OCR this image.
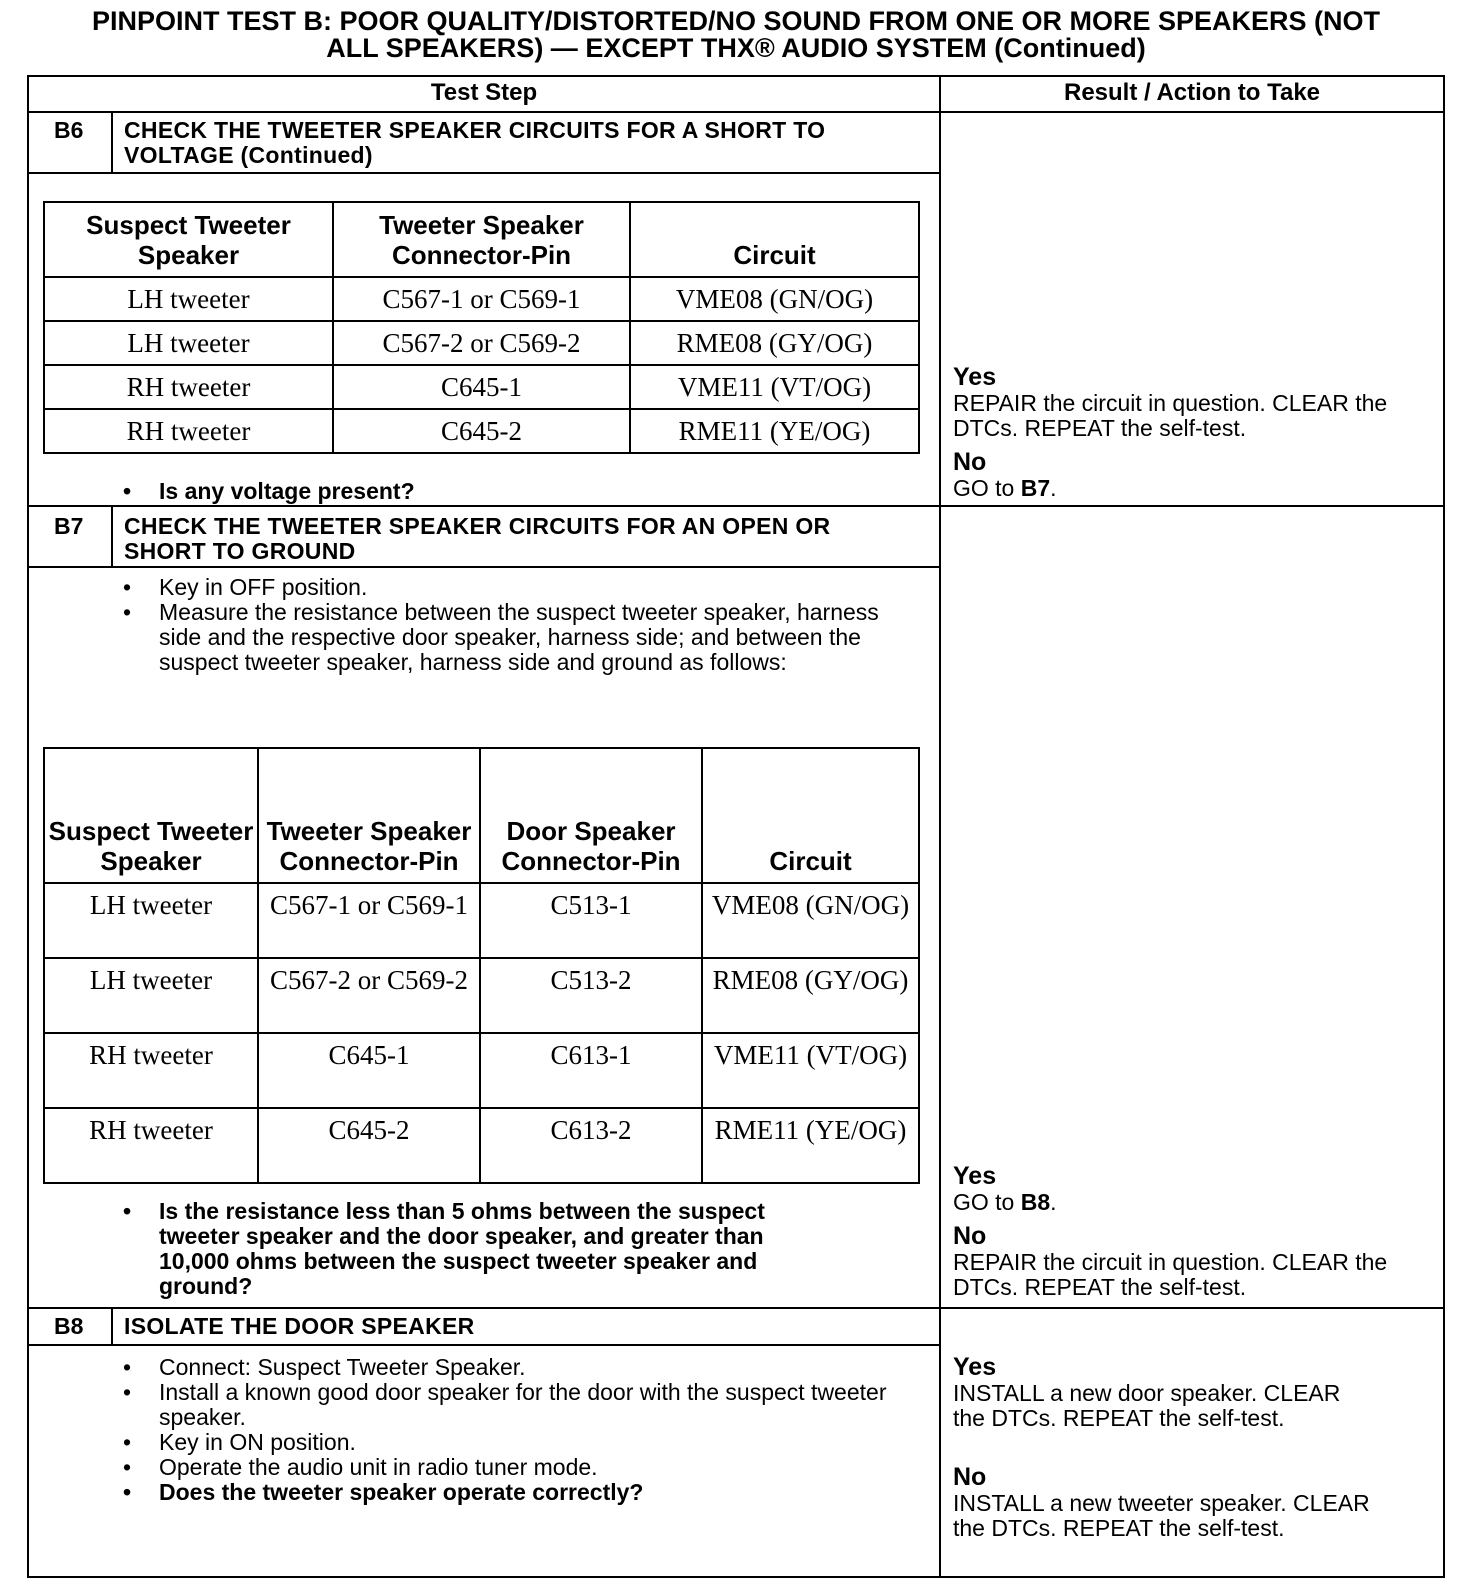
PINPOINT TEST B: POOR QUALITY/DISTORTED/NO SOUND FROM ONE OR MORE SPEAKERS (NOT
ALL SPEAKERS) — EXCEPT THX® AUDIO SYSTEM (Continued)
Test Step	Result / Action to Take
B6 CHECK THE TWEETER SPEAKER CIRCUITS FOR A SHORT TO
VOLTAGE (Continued)
Suspect Tweeter Speaker	Tweeter Speaker Connector-Pin	Circuit
LH tweeter	C567-1 or C569-1	VME08 (GN/OG)
LH tweeter	C567-2 or C569-2	RME08 (GY/OG)
RH tweeter	C645-1	VME11 (VT/OG)
RH tweeter	C645-2	RME11 (YE/OG)
• Is any voltage present?
Yes
REPAIR the circuit in question. CLEAR the
DTCs. REPEAT the self-test.
No
GO to B7.
B7 CHECK THE TWEETER SPEAKER CIRCUITS FOR AN OPEN OR
SHORT TO GROUND
• Key in OFF position.
• Measure the resistance between the suspect tweeter speaker, harness side and the respective door speaker, harness side; and between the suspect tweeter speaker, harness side and ground as follows:
Suspect Tweeter Speaker	Tweeter Speaker Connector-Pin	Door Speaker Connector-Pin	Circuit
LH tweeter	C567-1 or C569-1	C513-1	VME08 (GN/OG)
LH tweeter	C567-2 or C569-2	C513-2	RME08 (GY/OG)
RH tweeter	C645-1	C613-1	VME11 (VT/OG)
RH tweeter	C645-2	C613-2	RME11 (YE/OG)
• Is the resistance less than 5 ohms between the suspect tweeter speaker and the door speaker, and greater than 10,000 ohms between the suspect tweeter speaker and ground?
Yes
GO to B8.
No
REPAIR the circuit in question. CLEAR the
DTCs. REPEAT the self-test.
B8 ISOLATE THE DOOR SPEAKER
• Connect: Suspect Tweeter Speaker.
• Install a known good door speaker for the door with the suspect tweeter speaker.
• Key in ON position.
• Operate the audio unit in radio tuner mode.
• Does the tweeter speaker operate correctly?
Yes
INSTALL a new door speaker. CLEAR
the DTCs. REPEAT the self-test.
No
INSTALL a new tweeter speaker. CLEAR
the DTCs. REPEAT the self-test.
